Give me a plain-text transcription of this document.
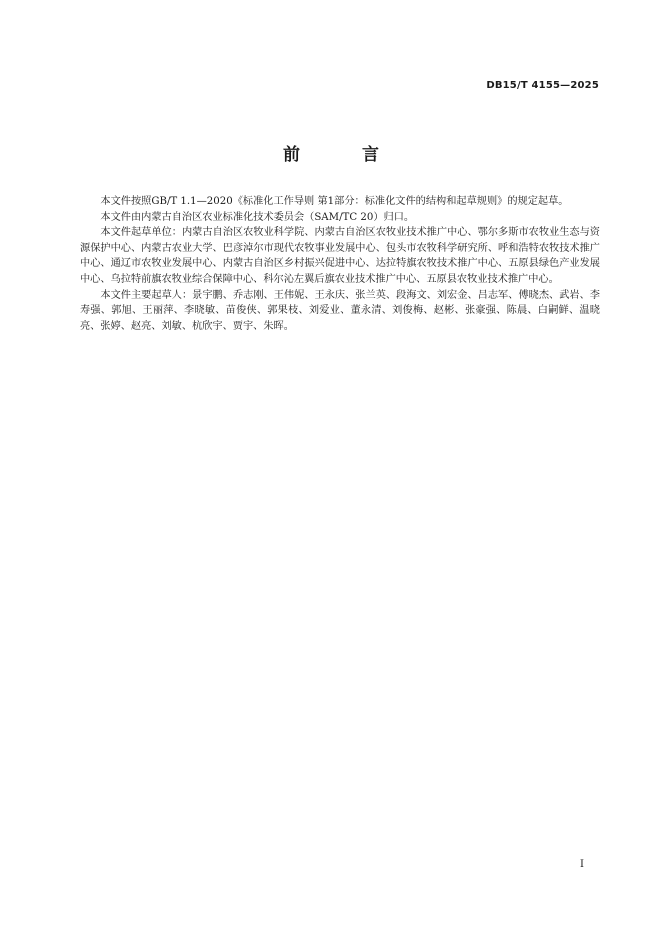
DB15/T 4155—2025
前 言

本文件按照GB/T 1.1—2020《标准化工作导则 第1部分：标准化文件的结构和起草规则》的规定起草。

本文件由内蒙古自治区农业标准化技术委员会（SAM/TC 20）归口。

本文件起草单位：内蒙古自治区农牧业科学院、内蒙古自治区农牧业技术推广中心、鄂尔多斯市农牧业生态与资源保护中心、内蒙古农业大学、巴彦淖尔市现代农牧事业发展中心、包头市农牧科学研究所、呼和浩特农牧技术推广中心、通辽市农牧业发展中心、内蒙古自治区乡村振兴促进中心、达拉特旗农牧技术推广中心、五原县绿色产业发展中心、乌拉特前旗农牧业综合保障中心、科尔沁左翼后旗农业技术推广中心、五原县农牧业技术推广中心。

本文件主要起草人：景宇鹏、乔志刚、王伟妮、王永庆、张兰英、段海文、刘宏金、吕志军、傅晓杰、武岩、李寿强、郭旭、王丽萍、李晓敏、苗俊侠、郭果枝、刘爱业、董永清、刘俊梅、赵彬、张豪强、陈晨、白嗣鲜、温晓亮、张婷、赵亮、刘敏、杭欣宇、贾宇、朱晖。

I
